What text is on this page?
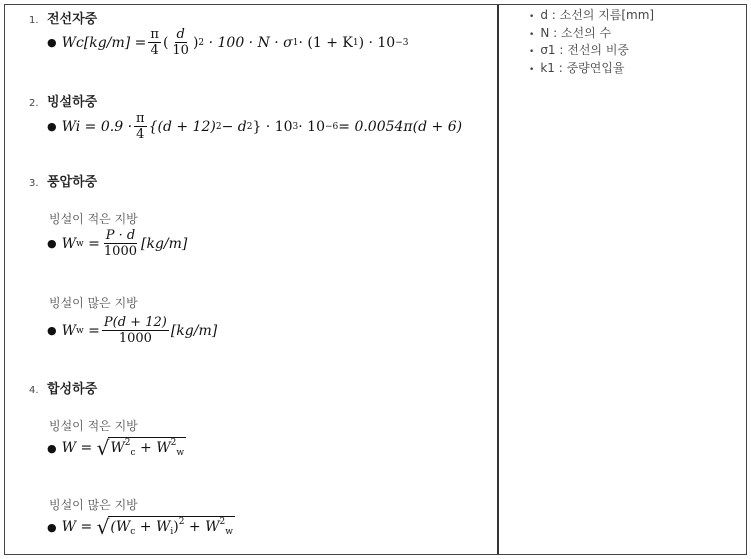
1. 전선자중
● $Wc[kg/m] = \frac{\pi}{4}$ ( $\frac{d}{10}$ ) 2
· 100 · N · σ 1 · (1 + K 1 ) · 10 −3
2. 빙설하중
● $Wi = 0.9 \cdot \frac{\pi}{4} \{(d + 12) 2 - d$ 2 } · 10 3 · 10 −6 = 0.0054π(d + 6)
3. 풍압하중
빙설이 적은 지방
● W $w = \frac{P \cdot d}{1000} [kg/m]$
빙설이 많은 지방
● W $w = \frac{P(d + 12)}{1000} [kg/m]$
4. 합성하중
빙설이 적은 지방
● W = √ $W^2_c + W^2_w$
빙설이 많은 지방
● W = √ $(W_c + W_i)^2 + W^2_w$
• d : 소선의 지름[mm]
• N : 소선의 수
• σ1 : 전선의 비중
• k1 : 중량연입율
